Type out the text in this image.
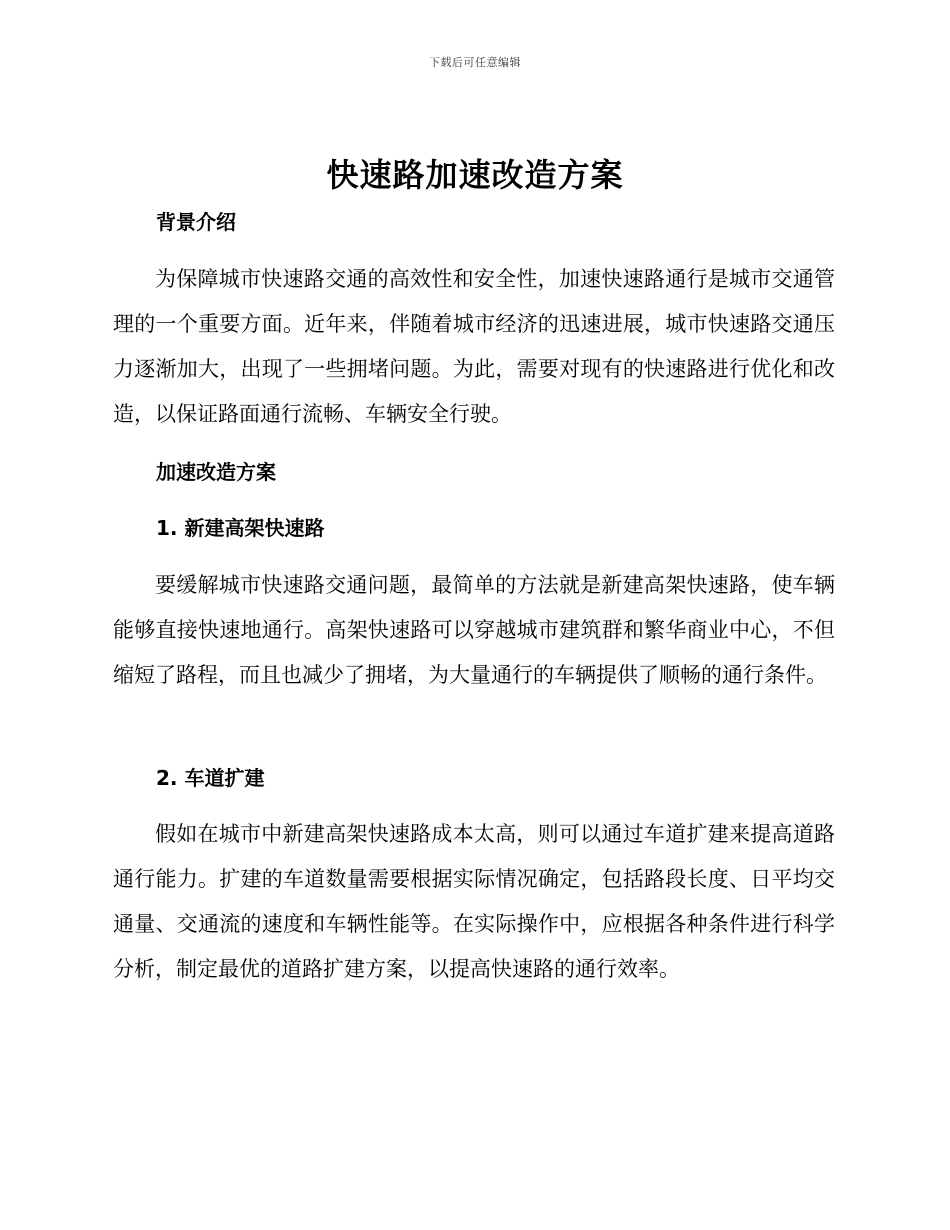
下载后可任意编辑
快速路加速改造方案
背景介绍

为保障城市快速路交通的高效性和安全性，加速快速路通行是城市交通管理的一个重要方面。近年来，伴随着城市经济的迅速进展，城市快速路交通压力逐渐加大，出现了一些拥堵问题。为此，需要对现有的快速路进行优化和改造，以保证路面通行流畅、车辆安全行驶。

加速改造方案
1. 新建高架快速路

要缓解城市快速路交通问题，最简单的方法就是新建高架快速路，使车辆能够直接快速地通行。高架快速路可以穿越城市建筑群和繁华商业中心，不但缩短了路程，而且也减少了拥堵，为大量通行的车辆提供了顺畅的通行条件。

2. 车道扩建

假如在城市中新建高架快速路成本太高，则可以通过车道扩建来提高道路通行能力。扩建的车道数量需要根据实际情况确定，包括路段长度、日平均交通量、交通流的速度和车辆性能等。在实际操作中，应根据各种条件进行科学分析，制定最优的道路扩建方案，以提高快速路的通行效率。
